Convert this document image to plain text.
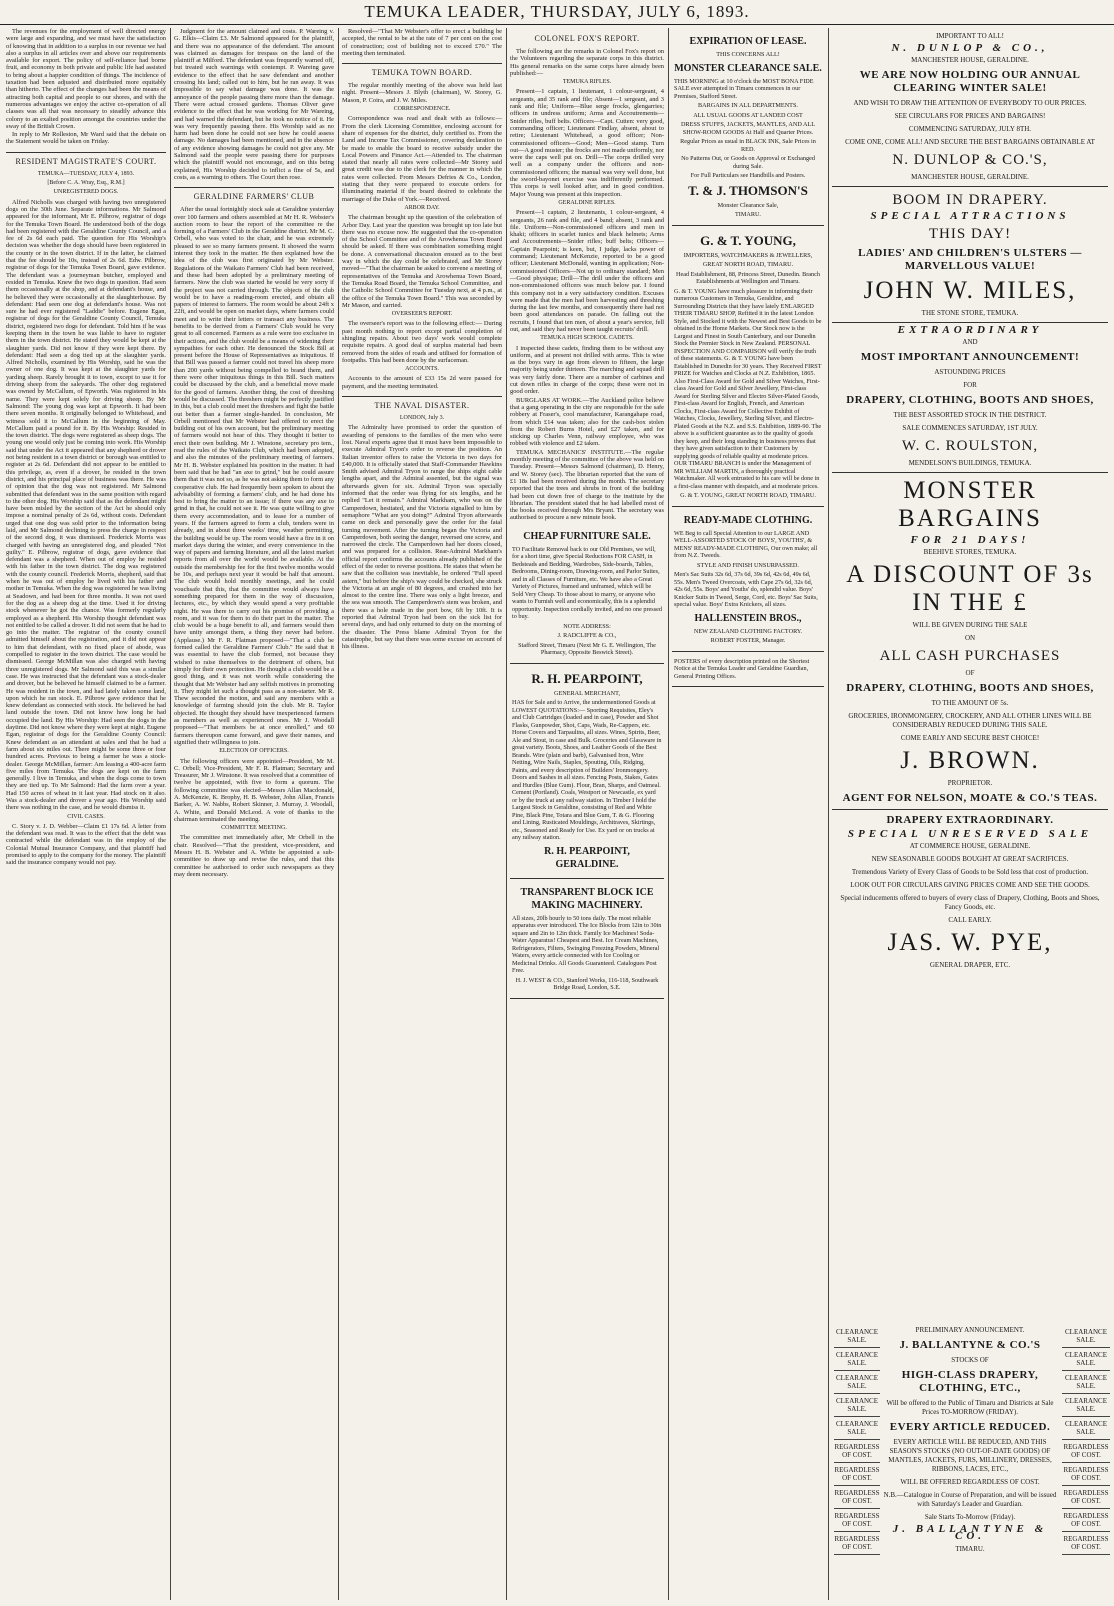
TEMUKA LEADER, THURSDAY, JULY 6, 1893.

The revenues for the employment of well directed energy were large and expanding, and we must have the satisfaction of knowing that in addition to a surplus in our revenue we had also a surplus in all articles over and above our requirements available for export. The policy of self-reliance had borne fruit, and economy in both private and public life had assisted to bring about a happier condition of things. The incidence of taxation had been adjusted and distributed more equitably than hitherto. The effect of the changes had been the means of attracting both capital and people to our shores, and with the numerous advantages we enjoy the active co-operation of all classes was all that was necessary to steadily advance this colony to an exalted position amongst the countries under the sway of the British Crown.

In reply to Mr Rolleston, Mr Ward said that the debate on the Statement would be taken on Friday.

RESIDENT MAGISTRATE'S COURT.
TEMUKA—TUESDAY, JULY 4, 1893.
[Before C. A. Wray, Esq., R.M.]
UNREGISTERED DOGS.

Alfred Nicholls was charged with having two unregistered dogs on the 30th June. Separate informations. Mr Salmond appeared for the informant, Mr E. Pilbrow, registrar of dogs for the Temuka Town Board. He understood both of the dogs had been registered with the Geraldine County Council, and a fee of 2s 6d each paid. The question for His Worship's decision was whether the dogs should have been registered in the county or in the town district. If in the latter, he claimed that the fee should be 10s, instead of 2s 6d. Edw. Pilbrow, registrar of dogs for the Temuka Town Board, gave evidence. The defendant was a journeyman butcher, employed and resided in Temuka. Knew the two dogs in question. Had seen them occasionally at the shop, and at defendant's house, and he believed they were occasionally at the slaughterhouse. By defendant: Had seen one dog at defendant's house. Was not sure he had ever registered "Laddie" before. Eugene Egan, registrar of dogs for the Geraldine County Council, Temuka district, registered two dogs for defendant. Told him if he was keeping them in the town he was liable to have to register them in the town district. He stated they would be kept at the slaughter yards. Did not know if they were kept there. By defendant: Had seen a dog tied up at the slaughter yards. Alfred Nicholls, examined by His Worship, said he was the owner of one dog. It was kept at the slaughter yards for yarding sheep. Rarely brought it to town, except to use it for driving sheep from the saleyards. The other dog registered was owned by McCallum, of Epworth. Was registered in his name. They were kept solely for driving sheep. By Mr Salmond: The young dog was kept at Epworth. It had been there seven months. It originally belonged to Whitehead, and witness sold it to McCallum in the beginning of May. McCallum paid a pound for it. By His Worship: Resided in the town district. The dogs were registered as sheep dogs. The young one would only just be coming into work. His Worship said that under the Act it appeared that any shepherd or drover not being resident in a town district or borough was entitled to register at 2s 6d. Defendant did not appear to be entitled to this privilege, as, even if a drover, he resided in the town district, and his principal place of business was there. He was of opinion that the dog was not registered. Mr Salmond submitted that defendant was in the same position with regard to the other dog. His Worship said that as the defendant might have been misled by the section of the Act he should only impose a nominal penalty of 2s 6d, without costs. Defendant urged that one dog was sold prior to the information being laid, and Mr Salmond declining to press the charge in respect of the second dog, it was dismissed. Frederick Morris was charged with having an unregistered dog, and pleaded "Not guilty." E. Pilbrow, registrar of dogs, gave evidence that defendant was a shepherd. When out of employ he resided with his father in the town district. The dog was registered with the county council. Frederick Morris, shepherd, said that when he was out of employ he lived with his father and mother in Temuka. When the dog was registered he was living at Seadown, and had been for three months. It was not used for the dog as a sheep dog at the time. Used it for driving stock whenever he got the chance. Was formerly regularly employed as a shepherd. His Worship thought defendant was not entitled to be called a drover. It did not seem that he had to go into the matter. The registrar of the county council admitted himself about the registration, and it did not appear to him that defendant, with no fixed place of abode, was compelled to register in the town district. The case would be dismissed. George McMillan was also charged with having three unregistered dogs. Mr Salmond said this was a similar case. He was instructed that the defendant was a stock-dealer and drover, but he believed he himself claimed to be a farmer. He was resident in the town, and had lately taken some land, upon which he ran stock. E. Pilbrow gave evidence that he knew defendant as connected with stock. He believed he had land outside the town. Did not know how long he had occupied the land. By His Worship: Had seen the dogs in the daytime. Did not know where they were kept at night. Eugene Egan, registrar of dogs for the Geraldine County Council: Knew defendant as an attendant at sales and that he had a farm about six miles out. There might be some three or four hundred acres. Previous to being a farmer he was a stock-dealer. George McMillan, farmer: Am leasing a 400-acre farm five miles from Temuka. The dogs are kept on the farm generally. I live in Temuka, and when the dogs come to town they are tied up. To Mr Salmond: Had the farm over a year. Had 150 acres of wheat in it last year. Had stock on it also. Was a stock-dealer and drover a year ago. His Worship said there was nothing in the case, and he would dismiss it.

CIVIL CASES.

C. Story v. J. D. Webber—Claim £1 17s 6d. A letter from the defendant was read. It was to the effect that the debt was contracted while the defendant was in the employ of the Colonial Mutual Insurance Company, and that plaintiff had promised to apply to the company for the money. The plaintiff said the insurance company would not pay.

Judgment for the amount claimed and costs. P. Wareing v. G. Elkis—Claim £3. Mr Salmond appeared for the plaintiff, and there was no appearance of the defendant. The amount was claimed as damages for trespass on the land of the plaintiff at Milford. The defendant was frequently warned off, but treated such warnings with contempt. P. Wareing gave evidence to the effect that he saw defendant and another crossing his land; called out to him, but he ran away. It was impossible to say what damage was done. It was the annoyance of the people passing there more than the damage. There were actual crossed gardens. Thomas Oliver gave evidence to the effect that he was working for Mr Wareing, and had warned the defendant, but he took no notice of it. He was very frequently passing there. His Worship said as no harm had been done he could not see how he could assess damage. No damages had been mentioned, and in the absence of any evidence showing damages he could not give any. Mr Salmond said the people were passing there for purposes which the plaintiff would not encourage, and on this being explained, His Worship decided to inflict a fine of 5s, and costs, as a warning to others. The Court then rose.

GERALDINE FARMERS' CLUB

After the usual fortnightly stock sale at Geraldine yesterday over 100 farmers and others assembled at Mr H. R. Webster's auction room to hear the report of the committee re the forming of a Farmers' Club in the Geraldine district. Mr M. C. Orbell, who was voted to the chair, and he was extremely pleased to see so many farmers present. It showed the warm interest they took in the matter. He then explained how the idea of the club was first originated by Mr Webster. Regulations of the Waikato Farmers' Club had been received, and these had been adopted by a preliminary meeting of farmers. Now the club was started he would be very sorry if the project was not carried through. The objects of the club would be to have a reading-room erected, and obtain all papers of interest to farmers. The room would be about 24ft x 22ft, and would be open on market days, where farmers could meet and to write their letters or transact any business. The benefits to be derived from a Farmers' Club would be very great to all concerned. Farmers as a rule were too exclusive in their actions, and the club would be a means of widening their sympathies for each other. He denounced the Stock Bill at present before the House of Representatives as iniquitous. If that Bill was passed a farmer could not travel his sheep more than 200 yards without being compelled to brand them, and there were other iniquitous things in this Bill. Such matters could be discussed by the club, and a beneficial move made for the good of farmers. Another thing, the cost of threshing would be discussed. The threshers might be perfectly justified in this, but a club could meet the threshers and fight the battle out better than a farmer single-handed. In conclusion, Mr Orbell mentioned that Mr Webster had offered to erect the building out of his own account, but the preliminary meeting of farmers would not hear of this. They thought it better to erect their own building. Mr J. Winstone, secretary pro tem., read the rules of the Waikato Club, which had been adopted, and also the minutes of the preliminary meeting of farmers. Mr H. B. Webster explained his position in the matter. It had been said that he had "an axe to grind," but he could assure them that it was not so, as he was not asking them to form any cooperative club. He had frequently been spoken to about the advisability of forming a farmers' club, and he had done his best to bring the matter to an issue; if there was any axe to grind in that, he could not see it. He was quite willing to give them every accommodation, and to lease for a number of years. If the farmers agreed to form a club, tenders were in already, and in about three weeks' time, weather permitting, the building would be up. The room would have a fire in it on market days during the winter, and every convenience in the way of papers and farming literature, and all the latest market reports from all over the world would be available. At the outside the membership fee for the first twelve months would be 10s, and perhaps next year it would be half that amount. The club would hold monthly meetings, and he could vouchsafe that this, that the committee would always have something prepared for them in the way of discussion, lectures, etc., by which they would spend a very profitable night. He was there to carry out his promise of providing a room, and it was for them to do their part in the matter. The club would be a huge benefit to all, and farmers would then have unity amongst them, a thing they never had before. (Applause.) Mr F. R. Flatman proposed—"That a club be formed called the Geraldine Farmers' Club." He said that it was essential to have the club formed, not because they wished to raise themselves to the detriment of others, but simply for their own protection. He thought a club would be a good thing, and it was not worth while considering the thought that Mr Webster had any selfish motives in promoting it. They might let such a thought pass as a non-starter. Mr R. Thew seconded the motion, and said any members with a knowledge of farming should join the club. Mr R. Taylor objected. He thought they should have inexperienced farmers as members as well as experienced ones. Mr J. Woodall proposed—"That members be at once enrolled," and 60 farmers thereupon came forward, and gave their names, and signified their willingness to join.

ELECTION OF OFFICERS.

The following officers were appointed—President, Mr M. C. Orbell; Vice-President, Mr F. R. Flatman; Secretary and Treasurer, Mr J. Winstone. It was resolved that a committee of twelve be appointed, with five to form a quorum. The following committee was elected—Messrs Allan Macdonald, A. McKenzie, K. Brophy, H. B. Webster, John Allan, Francis Barker, A. W. Nabbs, Robert Skinner, J. Murray, J. Woodall, A. White, and Donald McLeod. A vote of thanks to the chairman terminated the meeting.

COMMITTEE MEETING.

The committee met immediately after, Mr Orbell in the chair. Resolved—"That the president, vice-president, and Messrs H. B. Webster and A. White be appointed a sub-committee to draw up and revise the rules, and that this committee be authorised to order such newspapers as they may deem necessary.

Resolved—"That Mr Webster's offer to erect a building be accepted, the rental to be at the rate of 7 per cent on the cost of construction; cost of building not to exceed £70." The meeting then terminated.

TEMUKA TOWN BOARD.

The regular monthly meeting of the above was held last night. Present—Messrs J. Blyth (chairman), W. Storey, G. Mason, P. Coira, and J. W. Miles.

CORRESPONDENCE.

Correspondence was read and dealt with as follows:— From the clerk Licensing Committee, enclosing account for share of expenses for the district, duly certified to. From the Land and Income Tax Commissioner, covering declaration to be made to enable the board to receive subsidy under the Local Powers and Finance Act.—Attended to. The chairman stated that nearly all rates were collected—Mr Storey said great credit was due to the clerk for the manner in which the rates were collected. From Messrs Defries & Co., London, stating that they were prepared to execute orders for illuminating material if the board desired to celebrate the marriage of the Duke of York.—Received.

ARBOR DAY.

The chairman brought up the question of the celebration of Arbor Day. Last year the question was brought up too late but there was no excuse now. He suggested that the co-operation of the School Committee and of the Arowhenua Town Board should be asked. If there was combination something might be done. A conversational discussion ensued as to the best way in which the day could be celebrated, and Mr Storey moved—"That the chairman be asked to convene a meeting of representatives of the Temuka and Arowhenua Town Board, the Temuka Road Board, the Temuka School Committee, and the Catholic School Committee for Tuesday next, at 4 p.m., at the office of the Temuka Town Board." This was seconded by Mr Mason, and carried.

OVERSEER'S REPORT.

The overseer's report was to the following effect:— During past month nothing to report except partial completion of shingling repairs. About two days' work would complete requisite repairs. A good deal of surplus material had been removed from the sides of roads and utilised for formation of footpaths. This had been done by the surfaceman.

ACCOUNTS.

Accounts to the amount of £33 15s 2d were passed for payment, and the meeting terminated.

THE NAVAL DISASTER.
LONDON, July 3.

The Admiralty have promised to order the question of awarding of pensions to the families of the men who were lost. Naval experts agree that it must have been impossible to execute Admiral Tryon's order to reverse the position. An Italian inventor offers to raise the Victoria in two days for £40,000. It is officially stated that Staff-Commander Hawkins Smith advised Admiral Tryon to range the ships eight cable lengths apart, and the Admiral assented, but the signal was afterwards given for six. Admiral Tryon was specially informed that the order was flying for six lengths, and he replied "Let it remain." Admiral Markham, who was on the Camperdown, hesitated, and the Victoria signalled to him by semaphore "What are you doing?" Admiral Tryon afterwards came on deck and personally gave the order for the fatal turning movement. After the turning began the Victoria and Camperdown, both seeing the danger, reversed one screw, and narrowed the circle. The Camperdown had her doors closed, and was prepared for a collision. Rear-Admiral Markham's official report confirms the accounts already published of the effect of the order to reverse positions. He states that when he saw that the collision was inevitable, he ordered "Full speed astern," but before the ship's way could be checked, she struck the Victoria at an angle of 80 degrees, and crushed into her almost to the centre line. There was only a light breeze, and the sea was smooth. The Camperdown's stem was broken, and there was a hole made in the port bow, 6ft by 10ft. It is reported that Admiral Tryon had been on the sick list for several days, and had only returned to duty on the morning of the disaster. The Press blame Admiral Tryon for the catastrophe, but say that there was some excuse on account of his illness.

COLONEL FOX'S REPORT.

The following are the remarks in Colonel Fox's report on the Volunteers regarding the separate corps in this district. His general remarks on the same corps have already been published:—

TEMUKA RIFLES.

Present—1 captain, 1 lieutenant, 1 colour-sergeant, 4 sergeants, and 35 rank and file; Absent—1 sergeant, and 3 rank and file; Uniform—Blue serge frocks, glengarries; officers in undress uniform; Arms and Accoutrements—Snider rifles, buff belts. Officers—Capt. Cutten: very good, commanding officer; Lieutenant Findlay, absent, about to retire; Lieutenant Whitehead, a good officer; Non-commissioned officers—Good; Men—Good stamp. Turn out—A good muster; the frocks are not made uniformly, nor were the caps well put on. Drill—The corps drilled very well as a company under the officers and non-commissioned officers; the manual was very well done, but the sword-bayonet exercise was indifferently performed. This corps is well looked after, and in good condition. Major Young was present at this inspection.

GERALDINE RIFLES.

Present—1 captain, 2 lieutenants, 1 colour-sergeant, 4 sergeants, 26 rank and file, and 4 band; absent, 3 rank and file. Uniform—Non-commissioned officers and men in khaki; officers in scarlet tunics and black helmets; Arms and Accoutrements—Snider rifles; buff belts; Officers—Captain Pearpoint; is keen, but, I judge, lacks power of command; Lieutenant McKenzie, reported to be a good officer; Lieutenant McDonald, wanting in application; Non-commissioned Officers—Not up to ordinary standard; Men—Good physique; Drill—The drill under the officers and non-commissioned officers was much below par. I found this company not in a very satisfactory condition. Excuses were made that the men had been harvesting and threshing during the last few months, and consequently there had not been good attendances on parade. On falling out the recruits, I found that ten men, of about a year's service, fell out, and said they had never been taught recruits' drill.

TEMUKA HIGH SCHOOL CADETS.

I inspected these cadets, finding them to be without any uniform, and at present not drilled with arms. This is wise as the boys vary in age from eleven to fifteen, the large majority being under thirteen. The marching and squad drill was very fairly done. There are a number of carbines and cut down rifles in charge of the corps; these were not in good order.

BURGLARS AT WORK.—The Auckland police believe that a gang operating in the city are responsible for the safe robbery at Fraser's, cool manufacturer, Karangahape road, from which £14 was taken; also for the cash-box stolen from the Robert Burns Hotel, and £27 taken, and for sticking up Charles Venn, railway employee, who was robbed with violence and £2 taken.

TEMUKA MECHANICS' INSTITUTE.—The regular monthly meeting of the committee of the above was held on Tuesday. Present—Messrs Salmond (chairman), D. Henry, and W. Storey (sec). The librarian reported that the sum of £1 18s had been received during the month. The secretary reported that the trees and shrubs in front of the building had been cut down free of charge to the institute by the librarian. The president stated that he had labelled most of the books received through Mrs Bryant. The secretary was authorised to procure a new minute book.

CHEAP FURNITURE SALE.
TO Facilitate Removal back to our Old Premises, we will, for a short time, give Special Reductions FOR CASH, in Bedsteads and Bedding, Wardrobes, Side-boards, Tables, Bedrooms, Dining-room, Drawing-room, and Parlor Suites, and in all Classes of Furniture, etc. We have also a Great Variety of Pictures, framed and unframed, which will be Sold Very Cheap. To those about to marry, or anyone who wants to Furnish well and economically, this is a splendid opportunity. Inspection cordially invited, and no one pressed to buy.
NOTE ADDRESS:
J. RADCLIFFE & CO.,
Stafford Street, Timaru (Next Mr G. E. Wellington, The Pharmacy, Opposite Beswick Street).
R. H. PEARPOINT,
GENERAL MERCHANT,
HAS for Sale and to Arrive, the undermentioned Goods at LOWEST QUOTATIONS:— Sporting Requisites, Eley's and Club Cartridges (loaded and in case), Powder and Shot Flasks, Gunpowder, Shot, Caps, Wads, Re-Cappers, etc. Horse Covers and Tarpaulins, all sizes. Wines, Spirits, Beer, Ale and Stout, in case and Bulk. Groceries and Glassware in great variety. Boots, Shoes, and Leather Goods of the Best Brands. Wire (plain and barb), Galvanised Iron, Wire Netting, Wire Nails, Staples, Spouting, Oils, Ridging, Paints, and every description of Builders' Ironmongery. Doors and Sashes in all sizes. Fencing Posts, Stakes, Gates and Hurdles (Blue Gum). Flour, Bran, Sharps, and Oatmeal. Cement (Portland). Coals, Westport or Newcastle, ex yard or by the truck at any railway station. In Timber I hold the Largest Stock in Geraldine, consisting of Red and White Pine, Black Pine, Totara and Blue Gum, T. & G. Flooring and Lining, Rusticated Mouldings, Architraves, Skirtings, etc., Seasoned and Ready for Use. Ex yard or on trucks at any railway station.
R. H. PEARPOINT, GERALDINE.
TRANSPARENT BLOCK ICE MAKING MACHINERY.
All sizes, 20lb hourly to 50 tons daily. The most reliable apparatus ever introduced. The Ice Blocks from 12in to 30in square and 2in to 12in thick. Family Ice Machines! Soda-Water Apparatus! Cheapest and Best. Ice Cream Machines, Refrigerators, Filters, Swinging Freezing Powders, Mineral Waters, every article connected with Ice Cooling or Medicinal Drinks. All Goods Guaranteed. Catalogues Post Free.
H. J. WEST & CO., Stanford Works, 116-118, Southwark Bridge Road, London, S.E.
EXPIRATION OF LEASE.
THIS CONCERNS ALL!
MONSTER CLEARANCE SALE.
THIS MORNING at 10 o'clock the MOST BONA FIDE SALE ever attempted in Timaru commences in our Premises, Stafford Street.
BARGAINS IN ALL DEPARTMENTS.
ALL USUAL GOODS AT LANDED COST
DRESS STUFFS, JACKETS, MANTLES, AND ALL SHOW-ROOM GOODS At Half and Quarter Prices.
Regular Prices as usual in BLACK INK, Sale Prices in RED.
No Patterns Out, or Goods on Approval or Exchanged during Sale.
For Full Particulars see Handbills and Posters.
T. & J. THOMSON'S
Monster Clearance Sale,
TIMARU.
G. & T. YOUNG,
IMPORTERS, WATCHMAKERS & JEWELLERS,
GREAT NORTH ROAD, TIMARU.
Head Establishment, 88, Princess Street, Dunedin. Branch Establishments at Wellington and Timaru.
G. & T. YOUNG have much pleasure in informing their numerous Customers in Temuka, Geraldine, and Surrounding Districts that they have lately ENLARGED THEIR TIMARU SHOP, Refitted it in the latest London Style, and Stocked it with the Newest and Best Goods to be obtained in the Home Markets. Our Stock now is the Largest and Finest in South Canterbury, and our Dunedin Stock the Premier Stock in New Zealand. PERSONAL INSPECTION AND COMPARISON will verify the truth of these statements. G. & T. YOUNG have been Established in Dunedin for 30 years. They Received FIRST PRIZE for Watches and Clocks at N.Z. Exhibition, 1865. Also First-Class Award for Gold and Silver Watches, First-class Award for Gold and Silver Jewellery, First-class Award for Sterling Silver and Electro Silver-Plated Goods, First-class Award for English, French, and American Clocks, First-class Award for Collective Exhibit of Watches, Clocks, Jewellery, Sterling Silver, and Electro-Plated Goods at the N.Z. and S.S. Exhibition, 1889-90. The above is a sufficient guarantee as to the quality of goods they keep, and their long standing in business proves that they have given satisfaction to their Customers by supplying goods of reliable quality at moderate prices. OUR TIMARU BRANCH is under the Management of MR WILLIAM MARTIN, a thoroughly practical Watchmaker. All work entrusted to his care will be done in a first-class manner with despatch, and at moderate prices.
G. & T. YOUNG, GREAT NORTH ROAD, TIMARU.
READY-MADE CLOTHING.
WE Beg to call Special Attention to our LARGE AND WELL-ASSORTED STOCK OF BOYS', YOUTHS', & MENS' READY-MADE CLOTHING, Our own make; all from N.Z. Tweeds.
STYLE AND FINISH UNSURPASSED.
Men's Sac Suits 32s 6d, 37s 6d, 39s 6d, 42s 6d, 49s 6d, 55s. Men's Tweed Overcoats, with Cape 27s 6d, 32s 6d, 42s 6d, 55s. Boys' and Youths' do, splendid value. Boys' Knicker Suits in Tweed, Serge, Cord, etc. Boys' Sac Suits, special value. Boys' Extra Knickers, all sizes.
HALLENSTEIN BROS.,
NEW ZEALAND CLOTHING FACTORY.
ROBERT FOSTER, Manager.
POSTERS of every description printed on the Shortest Notice at the Temuka Leader and Geraldine Guardian, General Printing Offices.
IMPORTANT TO ALL!
N. DUNLOP & CO.,
MANCHESTER HOUSE, GERALDINE.
WE ARE NOW HOLDING OUR ANNUAL CLEARING WINTER SALE!
AND WISH TO DRAW THE ATTENTION OF EVERYBODY TO OUR PRICES.
SEE CIRCULARS FOR PRICES AND BARGAINS!
COMMENCING SATURDAY, JULY 8TH.
COME ONE, COME ALL! AND SECURE THE BEST BARGAINS OBTAINABLE AT
N. DUNLOP & CO.'S,
MANCHESTER HOUSE, GERALDINE.
BOOM IN DRAPERY.
SPECIAL ATTRACTIONS
THIS DAY!
LADIES' AND CHILDREN'S ULSTERS — MARVELLOUS VALUE!
JOHN W. MILES,
THE STONE STORE, TEMUKA.
EXTRAORDINARY
AND
MOST IMPORTANT ANNOUNCEMENT!
ASTOUNDING PRICES
FOR
DRAPERY, CLOTHING, BOOTS AND SHOES,
THE BEST ASSORTED STOCK IN THE DISTRICT.
SALE COMMENCES SATURDAY, 1ST JULY.
W. C. ROULSTON,
MENDELSON'S BUILDINGS, TEMUKA.
MONSTER BARGAINS
FOR 21 DAYS!
BEEHIVE STORES, TEMUKA.
A DISCOUNT OF 3s IN THE £
WILL BE GIVEN DURING THE SALE
ON
ALL CASH PURCHASES
OF
DRAPERY, CLOTHING, BOOTS AND SHOES,
TO THE AMOUNT OF 5s.
GROCERIES, IRONMONGERY, CROCKERY, AND ALL OTHER LINES WILL BE CONSIDERABLY REDUCED DURING THIS SALE.
COME EARLY AND SECURE BEST CHOICE!
J. BROWN.
PROPRIETOR.
AGENT FOR NELSON, MOATE & CO.'S TEAS.
DRAPERY EXTRAORDINARY.
SPECIAL UNRESERVED SALE
AT COMMERCE HOUSE, GERALDINE.
NEW SEASONABLE GOODS BOUGHT AT GREAT SACRIFICES.
Tremendous Variety of Every Class of Goods to be Sold less that cost of production.
LOOK OUT FOR CIRCULARS GIVING PRICES COME AND SEE THE GOODS.
Special inducements offered to buyers of every class of Drapery, Clothing, Boots and Shoes, Fancy Goods, etc.
CALL EARLY.
JAS. W. PYE,
GENERAL DRAPER, ETC.
PRELIMINARY ANNOUNCEMENT.
J. BALLANTYNE & CO.'S
STOCKS OF
HIGH-CLASS DRAPERY, CLOTHING, ETC.,
Will be offered to the Public of Timaru and Districts at Sale Prices TO-MORROW (FRIDAY).
EVERY ARTICLE REDUCED.
EVERY ARTICLE WILL BE REDUCED, AND THIS SEASON'S STOCKS (NO OUT-OF-DATE GOODS) OF MANTLES, JACKETS, FURS, MILLINERY, DRESSES, RIBBONS, LACES, ETC.,
WILL BE OFFERED REGARDLESS OF COST.
N.B.—Catalogue in Course of Preparation, and will be issued with Saturday's Leader and Guardian.
Sale Starts To-Morrow (Friday).
J. BALLANTYNE & CO.
TIMARU.
CLEARANCE SALE.
CLEARANCE SALE.
CLEARANCE SALE.
CLEARANCE SALE.
CLEARANCE SALE.
REGARDLESS OF COST.
REGARDLESS OF COST.
REGARDLESS OF COST.
REGARDLESS OF COST.
REGARDLESS OF COST.
CLEARANCE SALE.
CLEARANCE SALE.
CLEARANCE SALE.
CLEARANCE SALE.
CLEARANCE SALE.
REGARDLESS OF COST.
REGARDLESS OF COST.
REGARDLESS OF COST.
REGARDLESS OF COST.
REGARDLESS OF COST.
